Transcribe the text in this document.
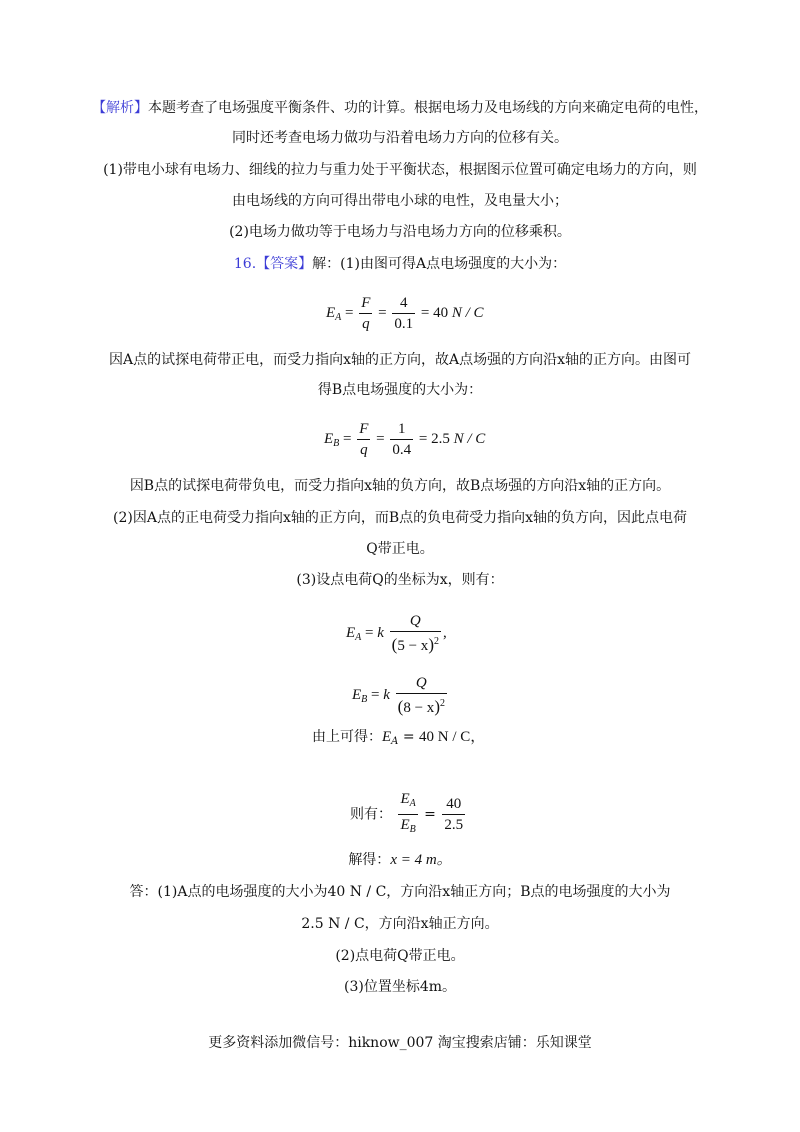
【解析】本题考查了电场强度平衡条件、功的计算。根据电场力及电场线的方向来确定电荷的电性，
同时还考查电场力做功与沿着电场力方向的位移有关。
(1)带电小球有电场力、细线的拉力与重力处于平衡状态，根据图示位置可确定电场力的方向，则
由电场线的方向可得出带电小球的电性，及电量大小；
(2)电场力做功等于电场力与沿电场力方向的位移乘积。
16.【答案】解：(1)由图可得A点电场强度的大小为：
$E_A = \frac{F}{q} = \frac{4}{0.1} = 40$ N / C
因A点的试探电荷带正电，而受力指向x轴的正方向，故A点场强的方向沿x轴的正方向。由图可
得B点电场强度的大小为：
$E_B = \frac{F}{q} = \frac{1}{0.4} = 2.5$ N / C
因B点的试探电荷带负电，而受力指向x轴的负方向，故B点场强的方向沿x轴的正方向。
(2)因A点的正电荷受力指向x轴的正方向，而B点的负电荷受力指向x轴的负方向，因此点电荷
Q带正电。
(3)设点电荷Q的坐标为x，则有：
$E_A = k \frac{Q}{(5 - x)^2}$ ,
$E_B = k \frac{Q}{(8 - x)^2}$
由上可得：$E_A = 40$ N / C，
则有： $\frac{E_A}{E_B} = \frac{40}{2.5}$
解得：x = 4 m。
答：(1)A点的电场强度的大小为40 N / C，方向沿x轴正方向；B点的电场强度的大小为
2.5 N / C，方向沿x轴正方向。
(2)点电荷Q带正电。
(3)位置坐标4m。
更多资料添加微信号：hiknow_007 淘宝搜索店铺：乐知课堂
